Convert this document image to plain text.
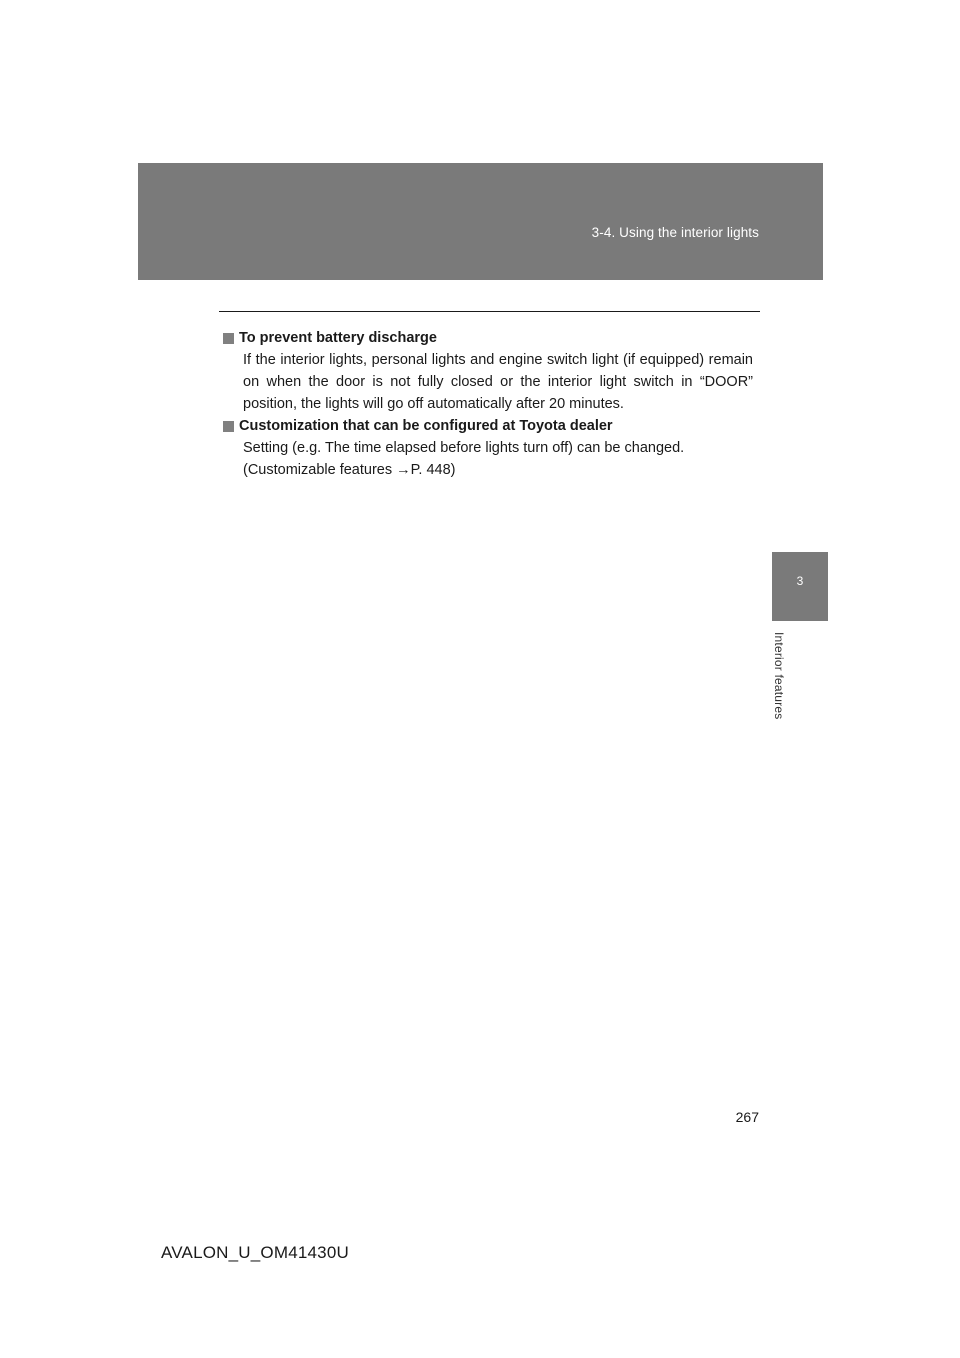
3-4. Using the interior lights
3
Interior features

To prevent battery discharge

If the interior lights, personal lights and engine switch light (if equipped) remain on when the door is not fully closed or the interior light switch in “DOOR” position, the lights will go off automatically after 20 minutes.

Customization that can be configured at Toyota dealer

Setting (e.g. The time elapsed before lights turn off) can be changed.

(Customizable features →P. 448)

267
AVALON_U_OM41430U
